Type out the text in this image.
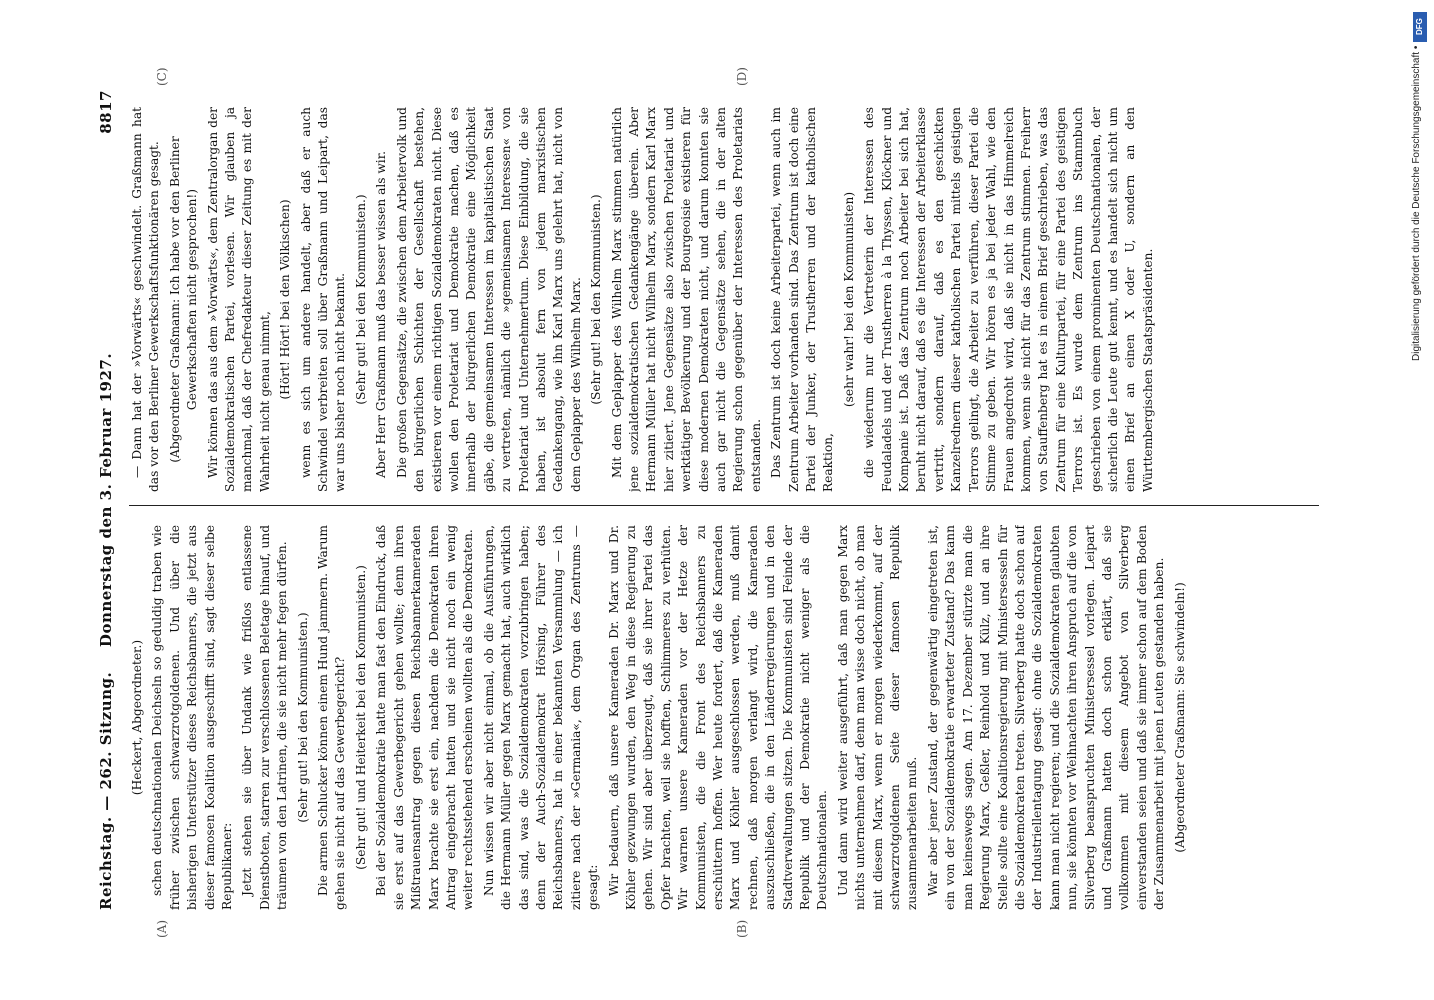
Reichstag. — 262. Sitzung.
Donnerstag den 3. Februar 1927.
8817

(Heckert, Abgeordneter.) schen deutschnationalen Deichseln so geduldig traben wie früher zwischen schwarzrotgoldenen. Und über die bisherigen Unterstützer dieses Reichsbanners, die jetzt aus dieser famosen Koalition ausgeschifft sind, sagt dieser selbe Republikaner: Jetzt stehen sie über Undank wie frißlos entlassene Dienstboten, starren zur verschlossenen Beletage hinauf, und träumen von den Latrinen, die sie nicht mehr fegen dürfen. (Sehr gut! bei den Kommunisten.) Die armen Schlucker können einem Hund jammern. Warum gehen sie nicht auf das Gewerbegericht? (Sehr gut! und Heiterkeit bei den Kommunisten.) Bei der Sozialdemokratie hatte man fast den Eindruck, daß sie erst auf das Gewerbegericht gehen wollte; denn ihren Mißtrauensantrag gegen diesen Reichsbannerkameraden Marx brachte sie erst ein, nachdem die Demokraten ihren Antrag eingebracht hatten und sie nicht noch ein wenig weiter rechtsstehend erscheinen wollten als die Demokraten. Nun wissen wir aber nicht einmal, ob die Ausführungen, die Hermann Müller gegen Marx gemacht hat, auch wirklich das sind, was die Sozialdemokraten vorzubringen haben; denn der Auch-Sozialdemokrat Hörsing, Führer des Reichsbanners, hat in einer bekannten Versammlung — ich zitiere nach der »Germania«, dem Organ des Zentrums — gesagt: Wir bedauern, daß unsere Kameraden Dr. Marx und Dr. Köhler gezwungen wurden, den Weg in diese Regierung zu gehen. Wir sind aber überzeugt, daß sie ihrer Partei das Opfer brachten, weil sie hofften, Schlimmeres zu verhüten. Wir warnen unsere Kameraden vor der Hetze der Kommunisten, die die Front des Reichsbanners zu erschüttern hoffen. Wer heute fordert, daß die Kameraden Marx und Köhler ausgeschlossen werden, muß damit rechnen, daß morgen verlangt wird, die Kameraden auszuschließen, die in den Länderregierungen und in den Stadtverwaltungen sitzen. Die Kommunisten sind Feinde der Republik und der Demokratie nicht weniger als die Deutschnationalen. Und dann wird weiter ausgeführt, daß man gegen Marx nichts unternehmen darf, denn man wisse doch nicht, ob man mit diesem Marx, wenn er morgen wiederkommt, auf der schwarzrotgoldenen Seite dieser famosen Republik zusammenarbeiten muß. War aber jener Zustand, der gegenwärtig eingetreten ist, ein von der Sozialdemokratie erwarteter Zustand? Das kann man keineswegs sagen. Am 17. Dezember stürzte man die Regierung Marx, Geßler, Reinhold und Külz, und an ihre Stelle sollte eine Koalitionsregierung mit Ministersesseln für die Sozialdemokraten treten. Silverberg hatte doch schon auf der Industriellentagung gesagt: ohne die Sozialdemokraten kann man nicht regieren; und die Sozialdemokraten glaubten nun, sie könnten vor Weihnachten ihren Anspruch auf die von Silverberg beanspruchten Ministersessel vorlegen. Leipart und Graßmann hatten doch schon erklärt, daß sie vollkommen mit diesem Angebot von Silverberg einverstanden seien und daß sie immer schon auf dem Boden der Zusammenarbeit mit jenen Leuten gestanden haben. (Abgeordneter Graßmann: Sie schwindeln!)

— Dann hat der »Vorwärts« geschwindelt. Graßmann hat das vor den Berliner Gewerkschaftsfunktionären gesagt. (Abgeordneter Graßmann: Ich habe vor den Berliner Gewerkschaften nicht gesprochen!) Wir können das aus dem »Vorwärts«, dem Zentralorgan der Sozialdemokratischen Partei, vorlesen. Wir glauben ja manchmal, daß der Chefredakteur dieser Zeitung es mit der Wahrheit nicht genau nimmt,

(Hört! Hört! bei den Völkischen) wenn es sich um andere handelt, aber daß er auch Schwindel verbreiten soll über Graßmann und Leipart, das war uns bisher noch nicht bekannt. (Sehr gut! bei den Kommunisten.) Aber Herr Graßmann muß das besser wissen als wir. Die großen Gegensätze, die zwischen dem Arbeitervolk und den bürgerlichen Schichten der Gesellschaft bestehen, existieren vor einem richtigen Sozialdemokraten nicht. Diese wollen den Proletariat und Demokratie machen, daß es innerhalb der bürgerlichen Demokratie eine Möglichkeit gäbe, die gemeinsamen Interessen im kapitalistischen Staat zu vertreten, nämlich die »gemeinsamen Interessen« von Proletariat und Unternehmertum. Diese Einbildung, die sie haben, ist absolut fern von jedem marxistischen Gedankengang, wie ihn Karl Marx uns gelehrt hat, nicht von dem Geplapper des Wilhelm Marx. (Sehr gut! bei den Kommunisten.) Mit dem Geplapper des Wilhelm Marx stimmen natürlich jene sozialdemokratischen Gedankengänge überein. Aber Hermann Müller hat nicht Wilhelm Marx, sondern Karl Marx hier zitiert. Jene Gegensätze also zwischen Proletariat und werktätiger Bevölkerung und der Bourgeoisie existieren für diese modernen Demokraten nicht, und darum konnten sie auch gar nicht die Gegensätze sehen, die in der alten Regierung schon gegenüber der Interessen des Proletariats entstanden. Das Zentrum ist doch keine Arbeiterpartei, wenn auch im Zentrum Arbeiter vorhanden sind. Das Zentrum ist doch eine Partei der Junker, der Trustherren und der katholischen Reaktion,

(sehr wahr! bei den Kommunisten) die wiederum nur die Vertreterin der Interessen des Feudaladels und der Trustherren à la Thyssen, Klöckner und Kompanie ist. Daß das Zentrum noch Arbeiter bei sich hat, beruht nicht darauf, daß es die Interessen der Arbeiterklasse vertritt, sondern darauf, daß es den geschickten Kanzelrednern dieser katholischen Partei mittels geistigen Terrors gelingt, die Arbeiter zu verführen, dieser Partei die Stimme zu geben. Wir hören es ja bei jeder Wahl, wie den Frauen angedroht wird, daß sie nicht in das Himmelreich kommen, wenn sie nicht für das Zentrum stimmen. Freiherr von Stauffenberg hat es in einem Brief geschrieben, was das Zentrum für eine Kulturpartei, für eine Partei des geistigen Terrors ist. Es wurde dem Zentrum ins Stammbuch geschrieben von einem prominenten Deutschnationalen, der sicherlich die Leute gut kennt, und es handelt sich nicht um einen Brief an einen X oder U, sondern an den Württembergischen Staatspräsidenten.

(A)	(B)
(C)	(D)
DFG
Digitalisierung gefördert durch die Deutsche Forschungsgemeinschaft •
